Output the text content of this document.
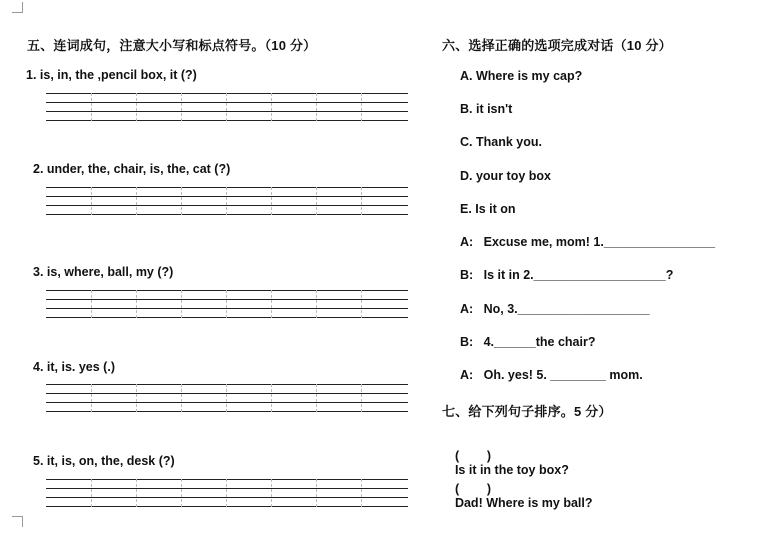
五、连词成句，注意大小写和标点符号。（10 分）
1. is, in, the ,pencil box, it (?)
2. under, the, chair, is, the, cat (?)
3. is, where, ball, my (?)
4. it, is. yes (.)
5. it, is, on, the, desk (?)
六、选择正确的选项完成对话（10 分）
A. Where is my cap?
B. it isn't
C. Thank you.
D. your toy box
E. Is it on
A:   Excuse me, mom! 1.________________
B:   Is it in 2.___________________?
A:   No, 3.___________________
B:   4.______the chair?
A:   Oh. yes! 5. ________ mom.
七、给下列句子排序。5 分）

(        )
Is it in the toy box?

(        )
Dad! Where is my ball?
